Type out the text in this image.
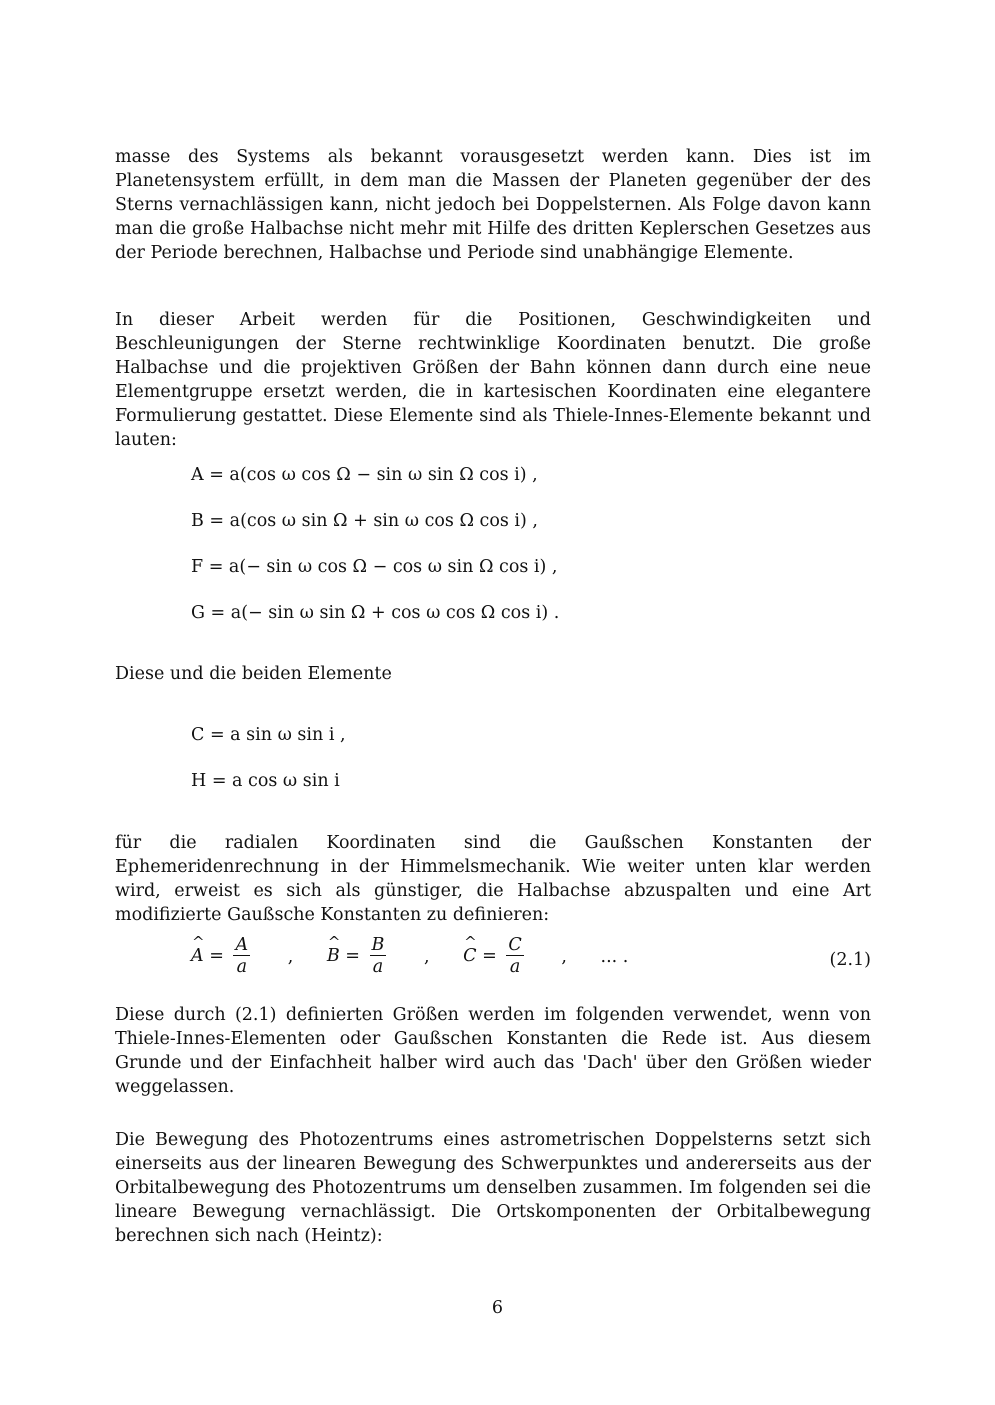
masse des Systems als bekannt vorausgesetzt werden kann. Dies ist im Planetensystem erfüllt, in dem man die Massen der Planeten gegenüber der des Sterns vernachlässigen kann, nicht jedoch bei Doppelsternen. Als Folge davon kann man die große Halbachse nicht mehr mit Hilfe des dritten Keplerschen Gesetzes aus der Periode berechnen, Halbachse und Periode sind unabhängige Elemente.

In dieser Arbeit werden für die Positionen, Geschwindigkeiten und Beschleunigungen der Sterne rechtwinklige Koordinaten benutzt. Die große Halbachse und die projektiven Größen der Bahn können dann durch eine neue Elementgruppe ersetzt werden, die in kartesischen Koordinaten eine elegantere Formulierung gestattet. Diese Elemente sind als Thiele-Innes-Elemente bekannt und lauten:

A = a(cos ω cos Ω − sin ω sin Ω cos i) ,
B = a(cos ω sin Ω + sin ω cos Ω cos i) ,
F = a(− sin ω cos Ω − cos ω sin Ω cos i) ,
G = a(− sin ω sin Ω + cos ω cos Ω cos i) .

Diese und die beiden Elemente

C = a sin ω sin i ,
H = a cos ω sin i

für die radialen Koordinaten sind die Gaußschen Konstanten der Ephemeridenrechnung in der Himmelsmechanik. Wie weiter unten klar werden wird, erweist es sich als günstiger, die Halbachse abzuspalten und eine Art modifizierte Gaußsche Konstanten zu definieren:

^ $A = \frac{A}{a}$ , ^ $B = \frac{B}{a}$ , ^ $C = \frac{C}{a}$ , ... .	(2.1)

Diese durch (2.1) definierten Größen werden im folgenden verwendet, wenn von Thiele-Innes-Elementen oder Gaußschen Konstanten die Rede ist. Aus diesem Grunde und der Einfachheit halber wird auch das 'Dach' über den Größen wieder weggelassen.

Die Bewegung des Photozentrums eines astrometrischen Doppelsterns setzt sich einerseits aus der linearen Bewegung des Schwerpunktes und andererseits aus der Orbitalbewegung des Photozentrums um denselben zusammen. Im folgenden sei die lineare Bewegung vernachlässigt. Die Ortskomponenten der Orbitalbewegung berechnen sich nach (Heintz):

6
